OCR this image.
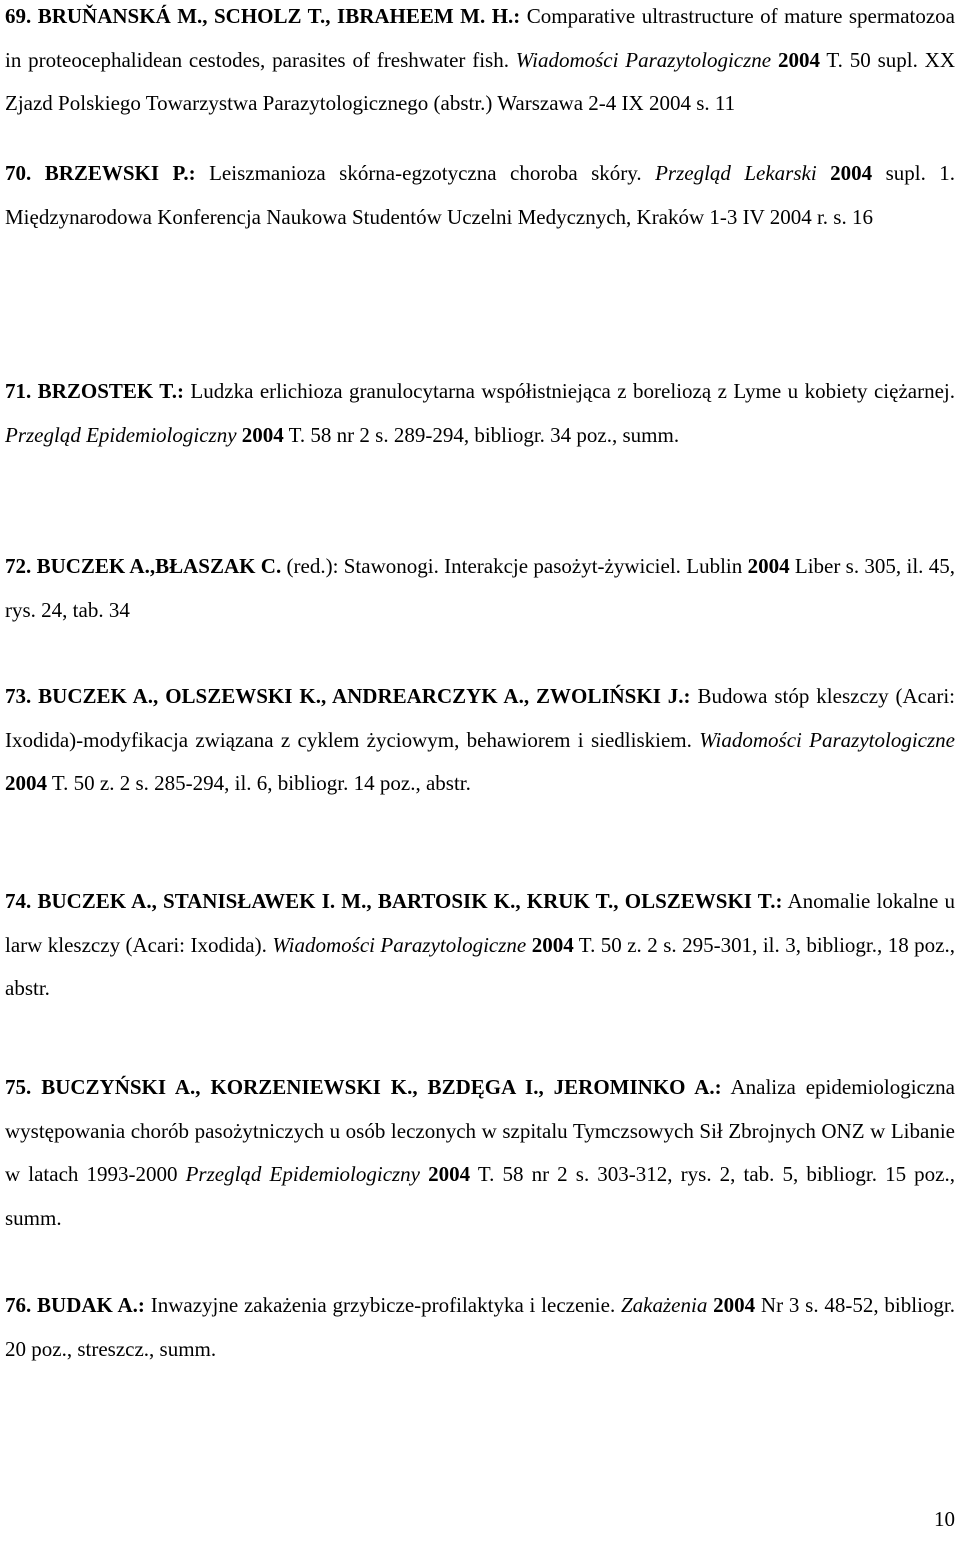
69. BRUŇANSKÁ M., SCHOLZ T., IBRAHEEM M. H.: Comparative ultrastructure of mature spermatozoa in proteocephalidean cestodes, parasites of freshwater fish. Wiadomości Parazytologiczne 2004 T. 50 supl. XX Zjazd Polskiego Towarzystwa Parazytologicznego (abstr.) Warszawa 2-4 IX 2004 s. 11
70. BRZEWSKI P.: Leiszmanioza skórna-egzotyczna choroba skóry. Przegląd Lekarski 2004 supl. 1. Międzynarodowa Konferencja Naukowa Studentów Uczelni Medycznych, Kraków 1-3 IV 2004 r. s. 16
71. BRZOSTEK T.: Ludzka erlichioza granulocytarna współistniejąca z boreliozą z Lyme u kobiety ciężarnej. Przegląd Epidemiologiczny 2004 T. 58 nr 2 s. 289-294, bibliogr. 34 poz., summ.
72. BUCZEK A.,BŁASZAK C. (red.): Stawonogi. Interakcje pasożyt-żywiciel. Lublin 2004 Liber s. 305, il. 45, rys. 24, tab. 34
73. BUCZEK A., OLSZEWSKI K., ANDREARCZYK A., ZWOLIŃSKI J.: Budowa stóp kleszczy (Acari: Ixodida)-modyfikacja związana z cyklem życiowym, behawiorem i siedliskiem. Wiadomości Parazytologiczne 2004 T. 50 z. 2 s. 285-294, il. 6, bibliogr. 14 poz., abstr.
74. BUCZEK A., STANISŁAWEK I. M., BARTOSIK K., KRUK T., OLSZEWSKI T.: Anomalie lokalne u larw kleszczy (Acari: Ixodida). Wiadomości Parazytologiczne 2004 T. 50 z. 2 s. 295-301, il. 3, bibliogr., 18 poz., abstr.
75. BUCZYŃSKI A., KORZENIEWSKI K., BZDĘGA I., JEROMINKO A.: Analiza epidemiologiczna występowania chorób pasożytniczych u osób leczonych w szpitalu Tymczsowych Sił Zbrojnych ONZ w Libanie w latach 1993-2000 Przegląd Epidemiologiczny 2004 T. 58 nr 2 s. 303-312, rys. 2, tab. 5, bibliogr. 15 poz., summ.
76. BUDAK A.: Inwazyjne zakażenia grzybicze-profilaktyka i leczenie. Zakażenia 2004 Nr 3 s. 48-52, bibliogr. 20 poz., streszcz., summ.
10
